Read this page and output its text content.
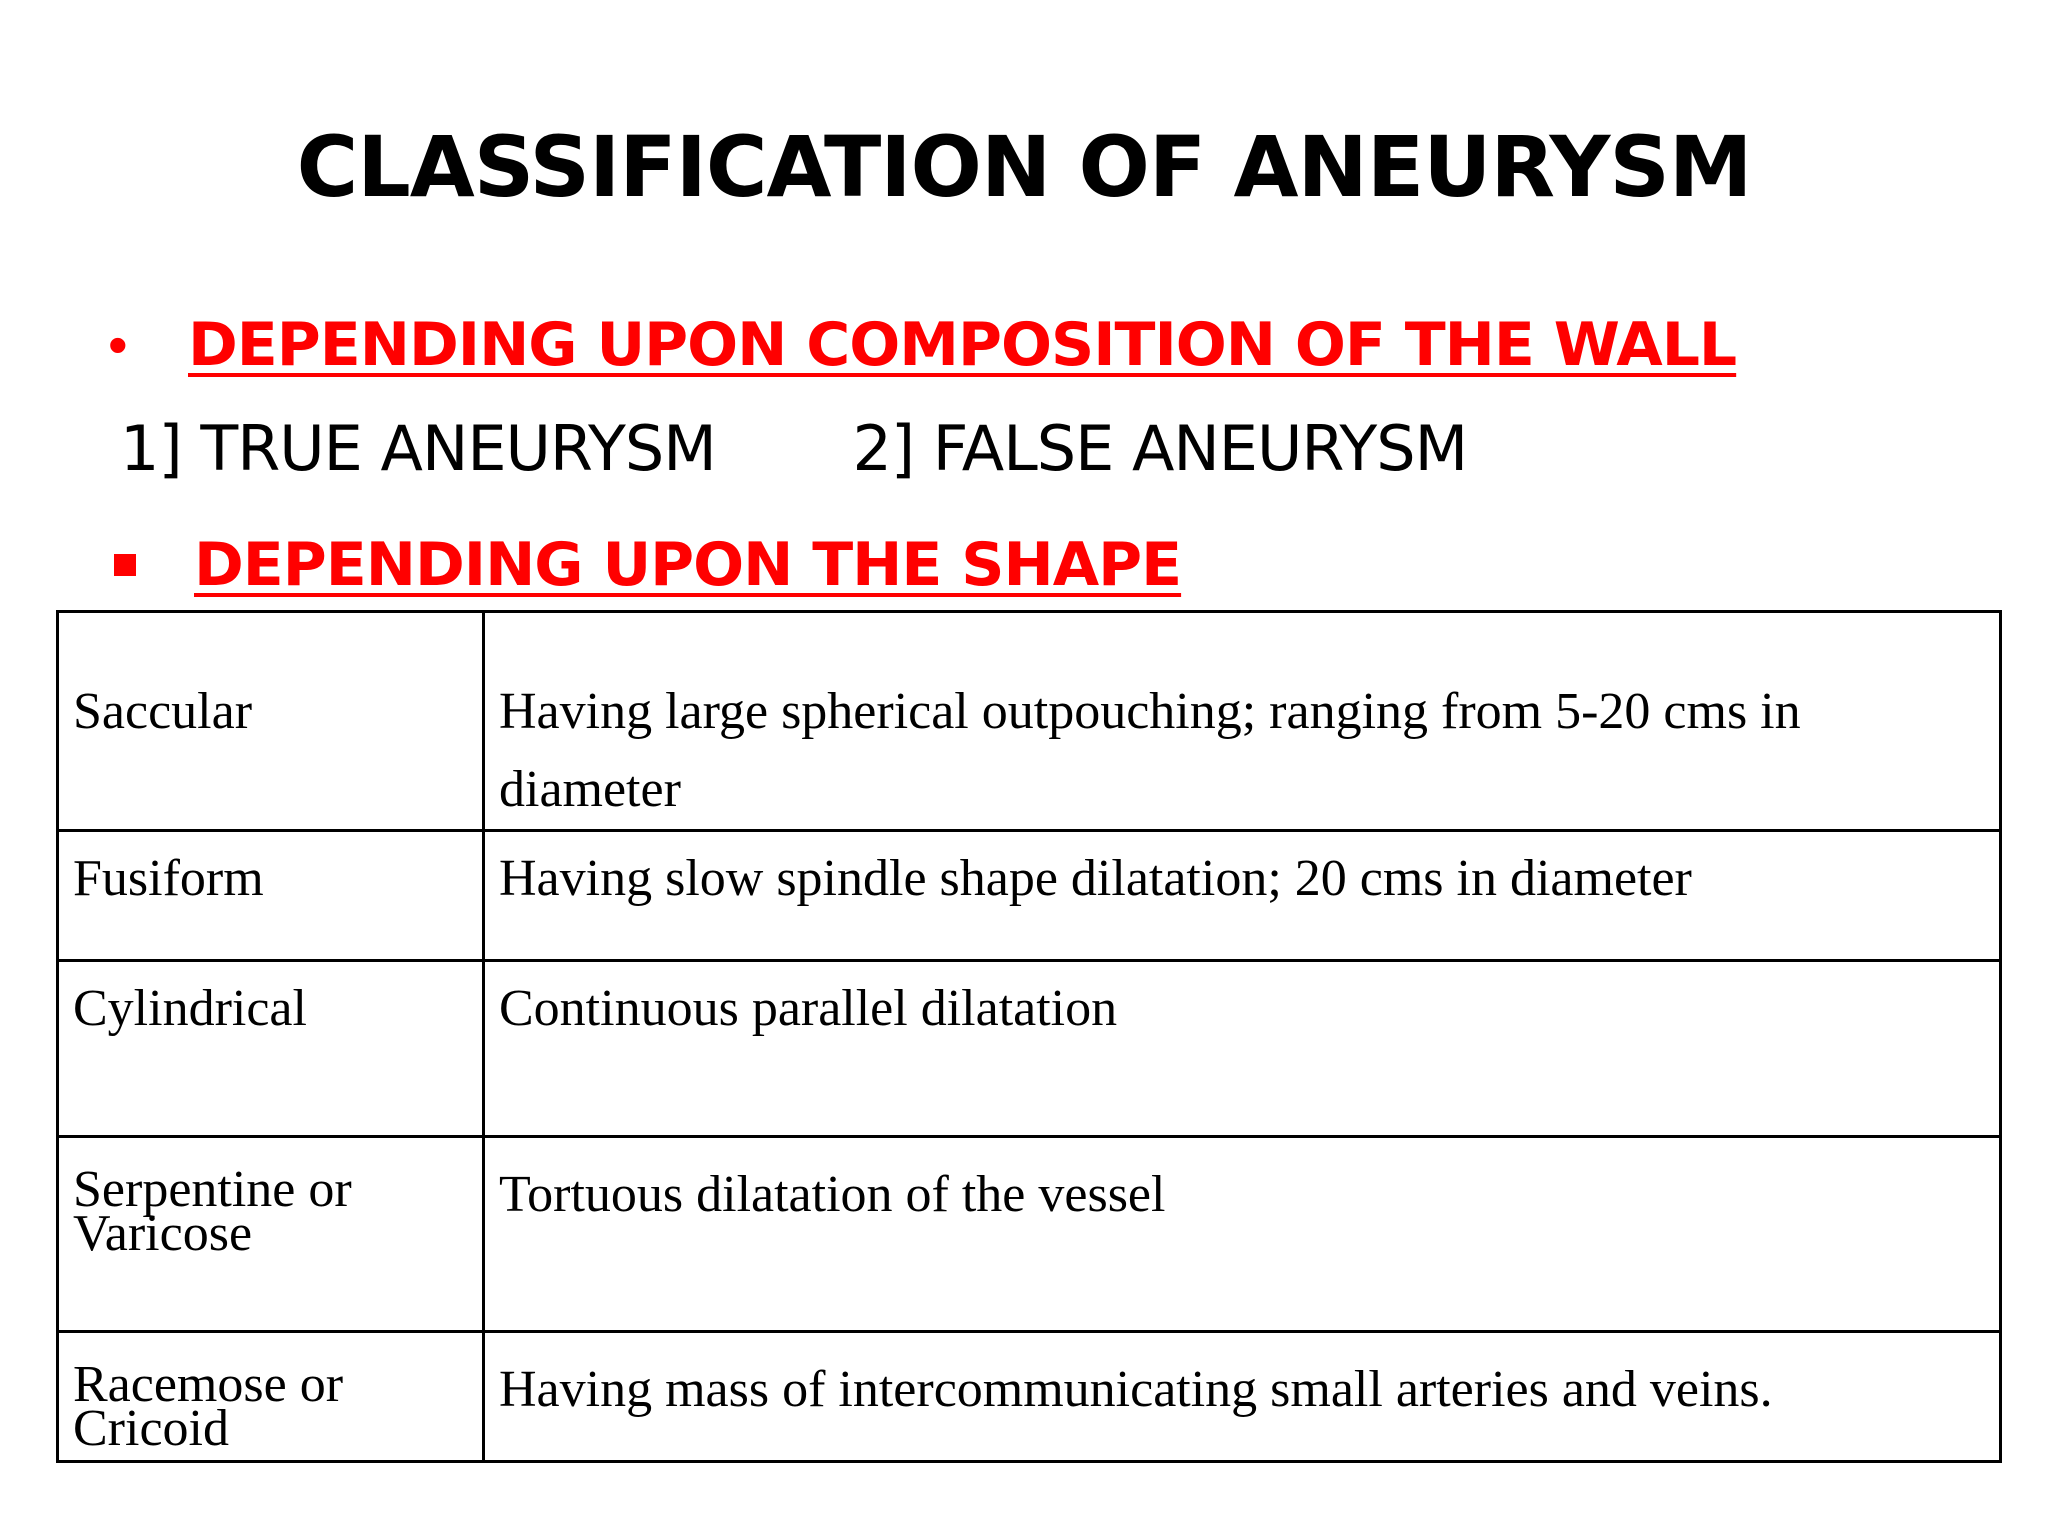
CLASSIFICATION OF ANEURYSM
•	DEPENDING UPON COMPOSITION OF THE WALL
1] TRUE ANEURYSM 2] FALSE ANEURYSM
DEPENDING UPON THE SHAPE
Saccular	Having large spherical outpouching; ranging from 5-20 cms in diameter
Fusiform	Having slow spindle shape dilatation; 20 cms in diameter
Cylindrical	Continuous parallel dilatation
Serpentine or Varicose	Tortuous dilatation of the vessel
Racemose or Cricoid	Having mass of intercommunicating small arteries and veins.
